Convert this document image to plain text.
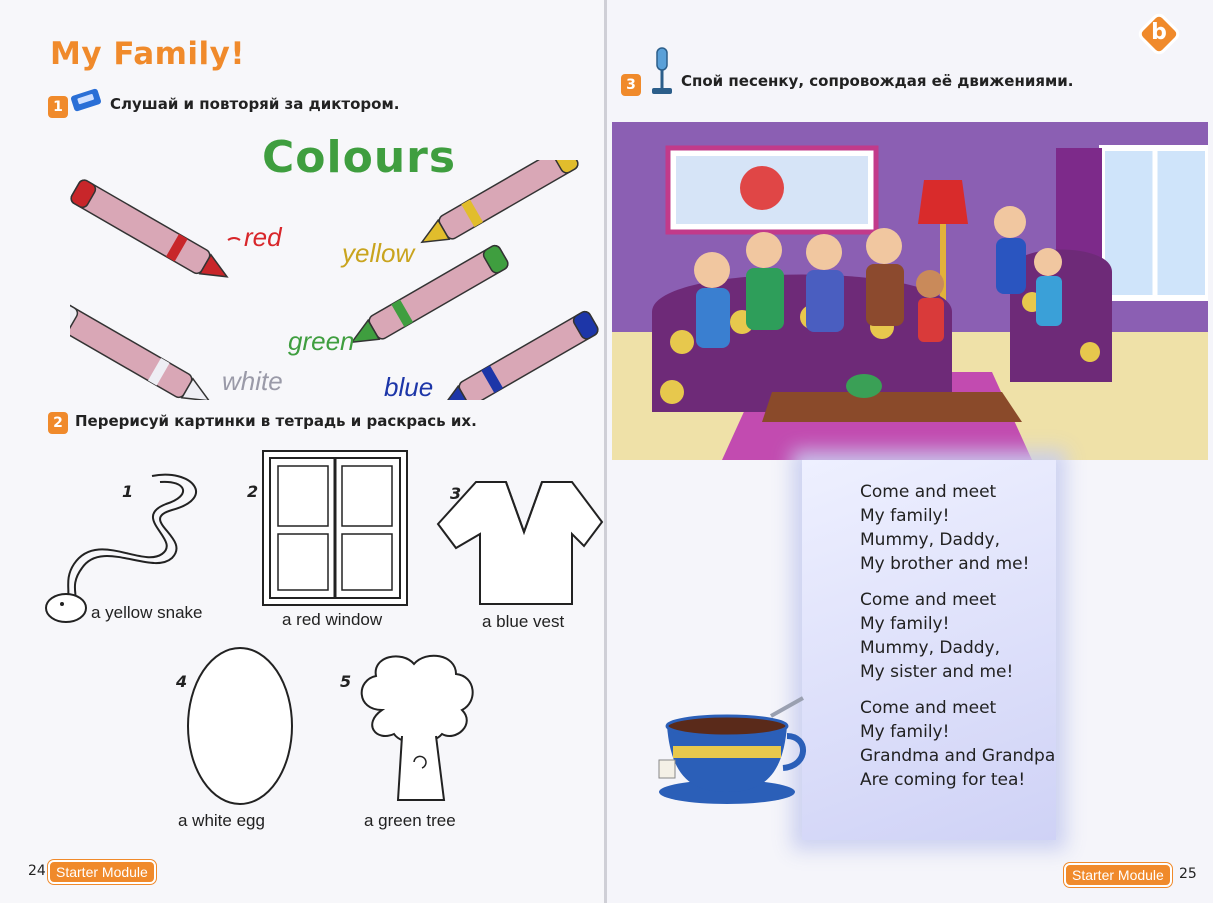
My Family!
1	Слушай и повторяй за диктором.
Colours
red
yellow
green
white	blue
2 Перерисуй картинки в тетрадь и раскрась их.
1
a yellow snake
2
a red window
3
a blue vest
4
a white egg
5
a green tree
24 Starter Module
b
3	Спой песенку, сопровождая её движениями.
Come and meet
My family!
Mummy, Daddy,
My brother and me!
Come and meet
My family!
Mummy, Daddy,
My sister and me!
Come and meet
My family!
Grandma and Grandpa
Are coming for tea!
Starter Module	25
